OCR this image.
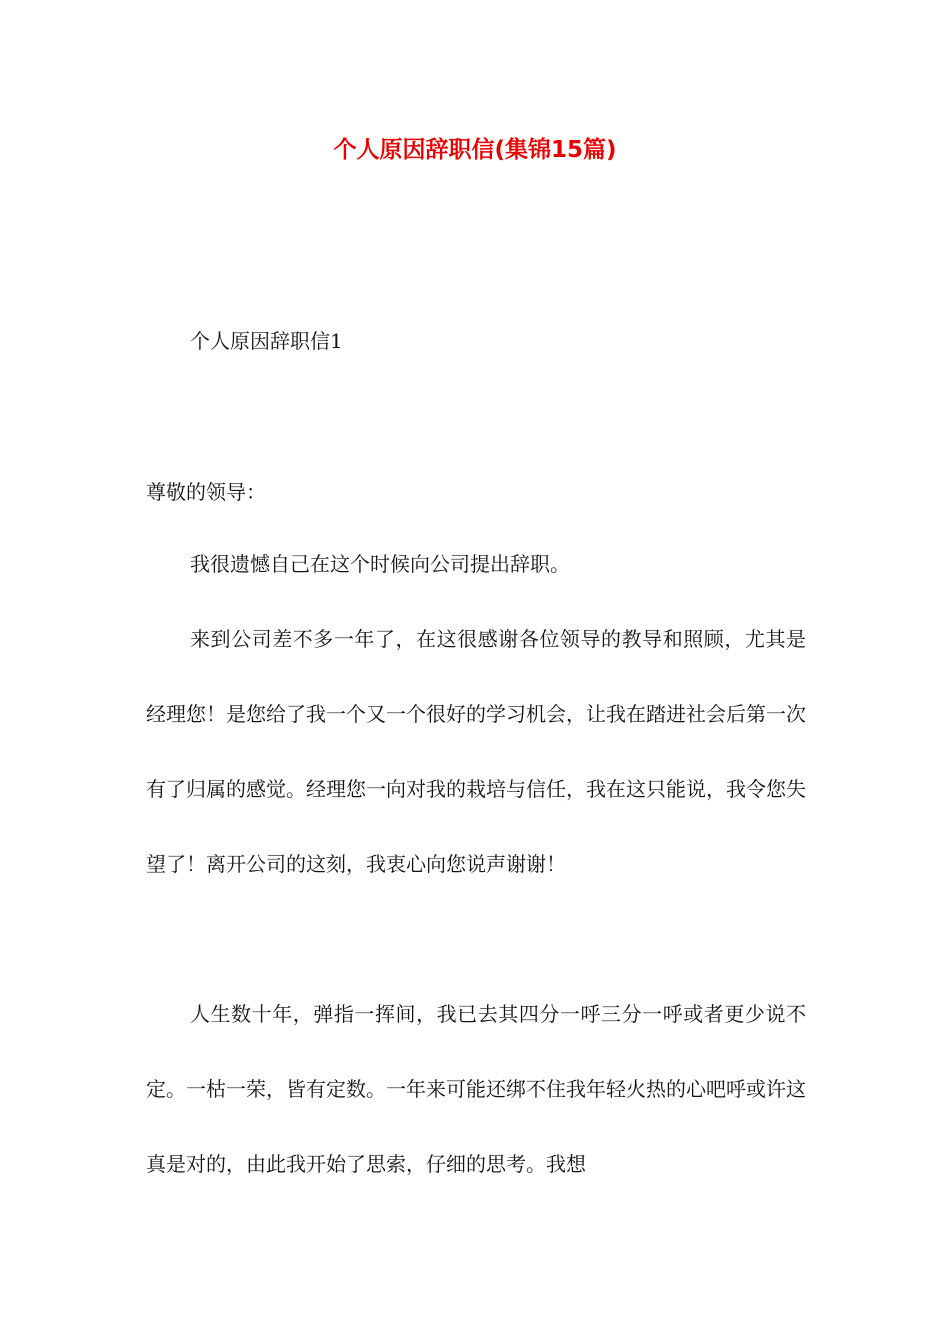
个人原因辞职信(集锦15篇)

个人原因辞职信1

尊敬的领导：

我很遗憾自己在这个时候向公司提出辞职。

来到公司差不多一年了，在这很感谢各位领导的教导和照顾，尤其是经理您！是您给了我一个又一个很好的学习机会，让我在踏进社会后第一次有了归属的感觉。经理您一向对我的栽培与信任，我在这只能说，我令您失望了！离开公司的这刻，我衷心向您说声谢谢！

人生数十年，弹指一挥间，我已去其四分一呼三分一呼或者更少说不定。一枯一荣，皆有定数。一年来可能还绑不住我年轻火热的心吧呼或许这真是对的，由此我开始了思索，仔细的思考。我想
